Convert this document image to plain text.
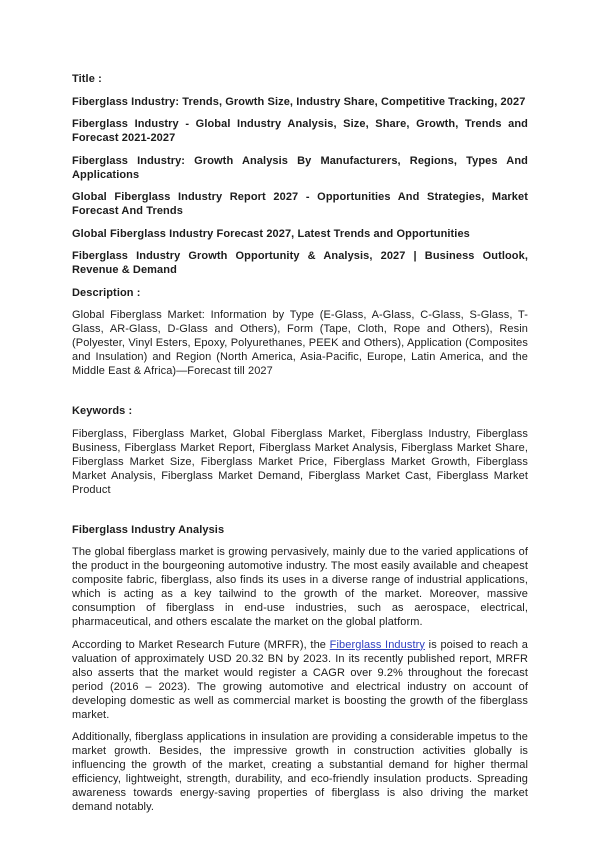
Title :

Fiberglass Industry: Trends, Growth Size, Industry Share, Competitive Tracking, 2027

Fiberglass Industry - Global Industry Analysis, Size, Share, Growth, Trends and Forecast 2021-2027

Fiberglass Industry: Growth Analysis By Manufacturers, Regions, Types And Applications

Global Fiberglass Industry Report 2027 - Opportunities And Strategies, Market Forecast And Trends

Global Fiberglass Industry Forecast 2027, Latest Trends and Opportunities

Fiberglass Industry Growth Opportunity & Analysis, 2027 | Business Outlook, Revenue & Demand

Description :

Global Fiberglass Market: Information by Type (E-Glass, A-Glass, C-Glass, S-Glass, T-Glass, AR-Glass, D-Glass and Others), Form (Tape, Cloth, Rope and Others), Resin (Polyester, Vinyl Esters, Epoxy, Polyurethanes, PEEK and Others), Application (Composites and Insulation) and Region (North America, Asia-Pacific, Europe, Latin America, and the Middle East & Africa)—Forecast till 2027

Keywords :

Fiberglass, Fiberglass Market, Global Fiberglass Market, Fiberglass Industry, Fiberglass Business, Fiberglass Market Report, Fiberglass Market Analysis, Fiberglass Market Share, Fiberglass Market Size, Fiberglass Market Price, Fiberglass Market Growth, Fiberglass Market Analysis, Fiberglass Market Demand, Fiberglass Market Cast, Fiberglass Market Product

Fiberglass Industry Analysis

The global fiberglass market is growing pervasively, mainly due to the varied applications of the product in the bourgeoning automotive industry. The most easily available and cheapest composite fabric, fiberglass, also finds its uses in a diverse range of industrial applications, which is acting as a key tailwind to the growth of the market. Moreover, massive consumption of fiberglass in end-use industries, such as aerospace, electrical, pharmaceutical, and others escalate the market on the global platform.

According to Market Research Future (MRFR), the Fiberglass Industry is poised to reach a valuation of approximately USD 20.32 BN by 2023. In its recently published report, MRFR also asserts that the market would register a CAGR over 9.2% throughout the forecast period (2016 – 2023). The growing automotive and electrical industry on account of developing domestic as well as commercial market is boosting the growth of the fiberglass market.

Additionally, fiberglass applications in insulation are providing a considerable impetus to the market growth. Besides, the impressive growth in construction activities globally is influencing the growth of the market, creating a substantial demand for higher thermal efficiency, lightweight, strength, durability, and eco-friendly insulation products. Spreading awareness towards energy-saving properties of fiberglass is also driving the market demand notably.
